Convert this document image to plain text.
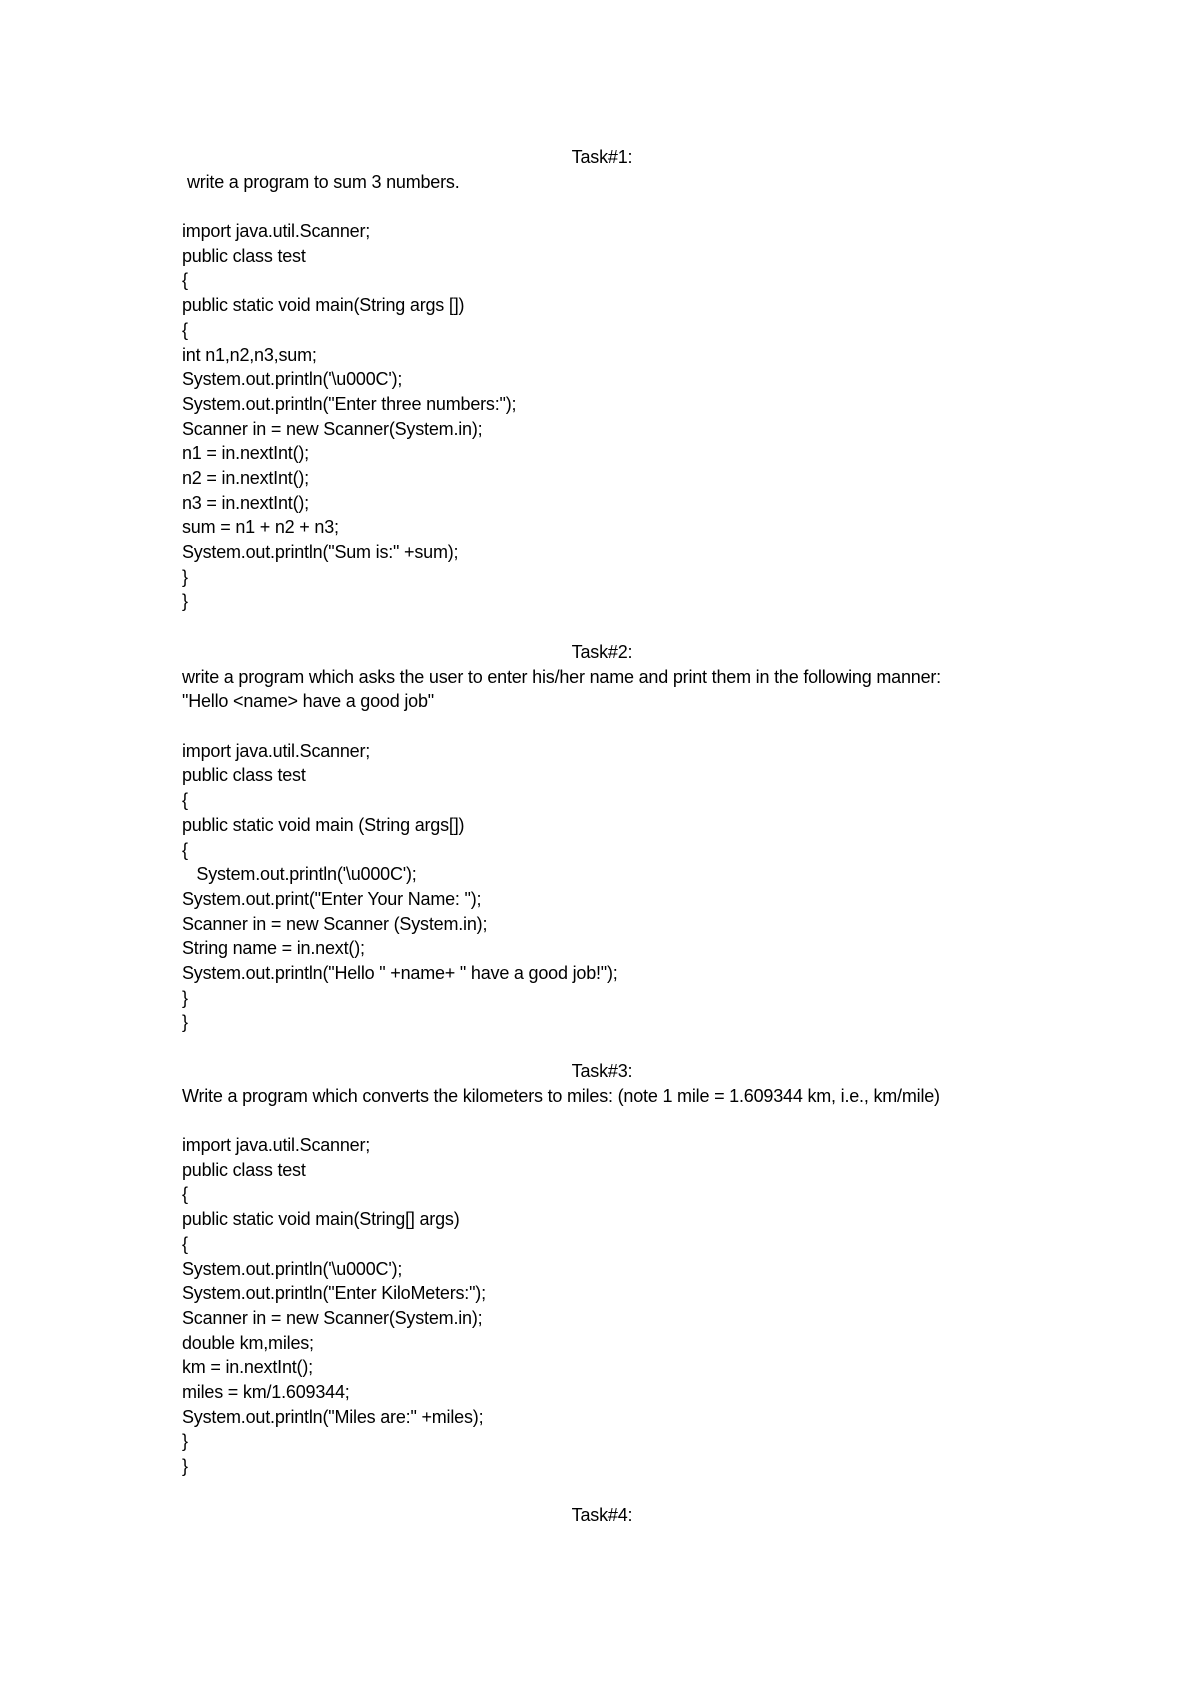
Task#1:
write a program to sum 3 numbers.
import java.util.Scanner;
public class test
{
public static void main(String args [])
{
int n1,n2,n3,sum;
System.out.println('\u000C');
System.out.println("Enter three numbers:");
Scanner in = new Scanner(System.in);
n1 = in.nextInt();
n2 = in.nextInt();
n3 = in.nextInt();
sum = n1 + n2 + n3;
System.out.println("Sum is:" +sum);
}
}
Task#2:
write a program which asks the user to enter his/her name and print them in the following manner:
"Hello <name> have a good job"
import java.util.Scanner;
public class test
{
public static void main (String args[])
{
System.out.println('\u000C');
System.out.print("Enter Your Name: ");
Scanner in = new Scanner (System.in);
String name = in.next();
System.out.println("Hello " +name+ " have a good job!");
}
}
Task#3:
Write a program which converts the kilometers to miles: (note 1 mile = 1.609344 km, i.e., km/mile)
import java.util.Scanner;
public class test
{
public static void main(String[] args)
{
System.out.println('\u000C');
System.out.println("Enter KiloMeters:");
Scanner in = new Scanner(System.in);
double km,miles;
km = in.nextInt();
miles = km/1.609344;
System.out.println("Miles are:" +miles);
}
}
Task#4:
